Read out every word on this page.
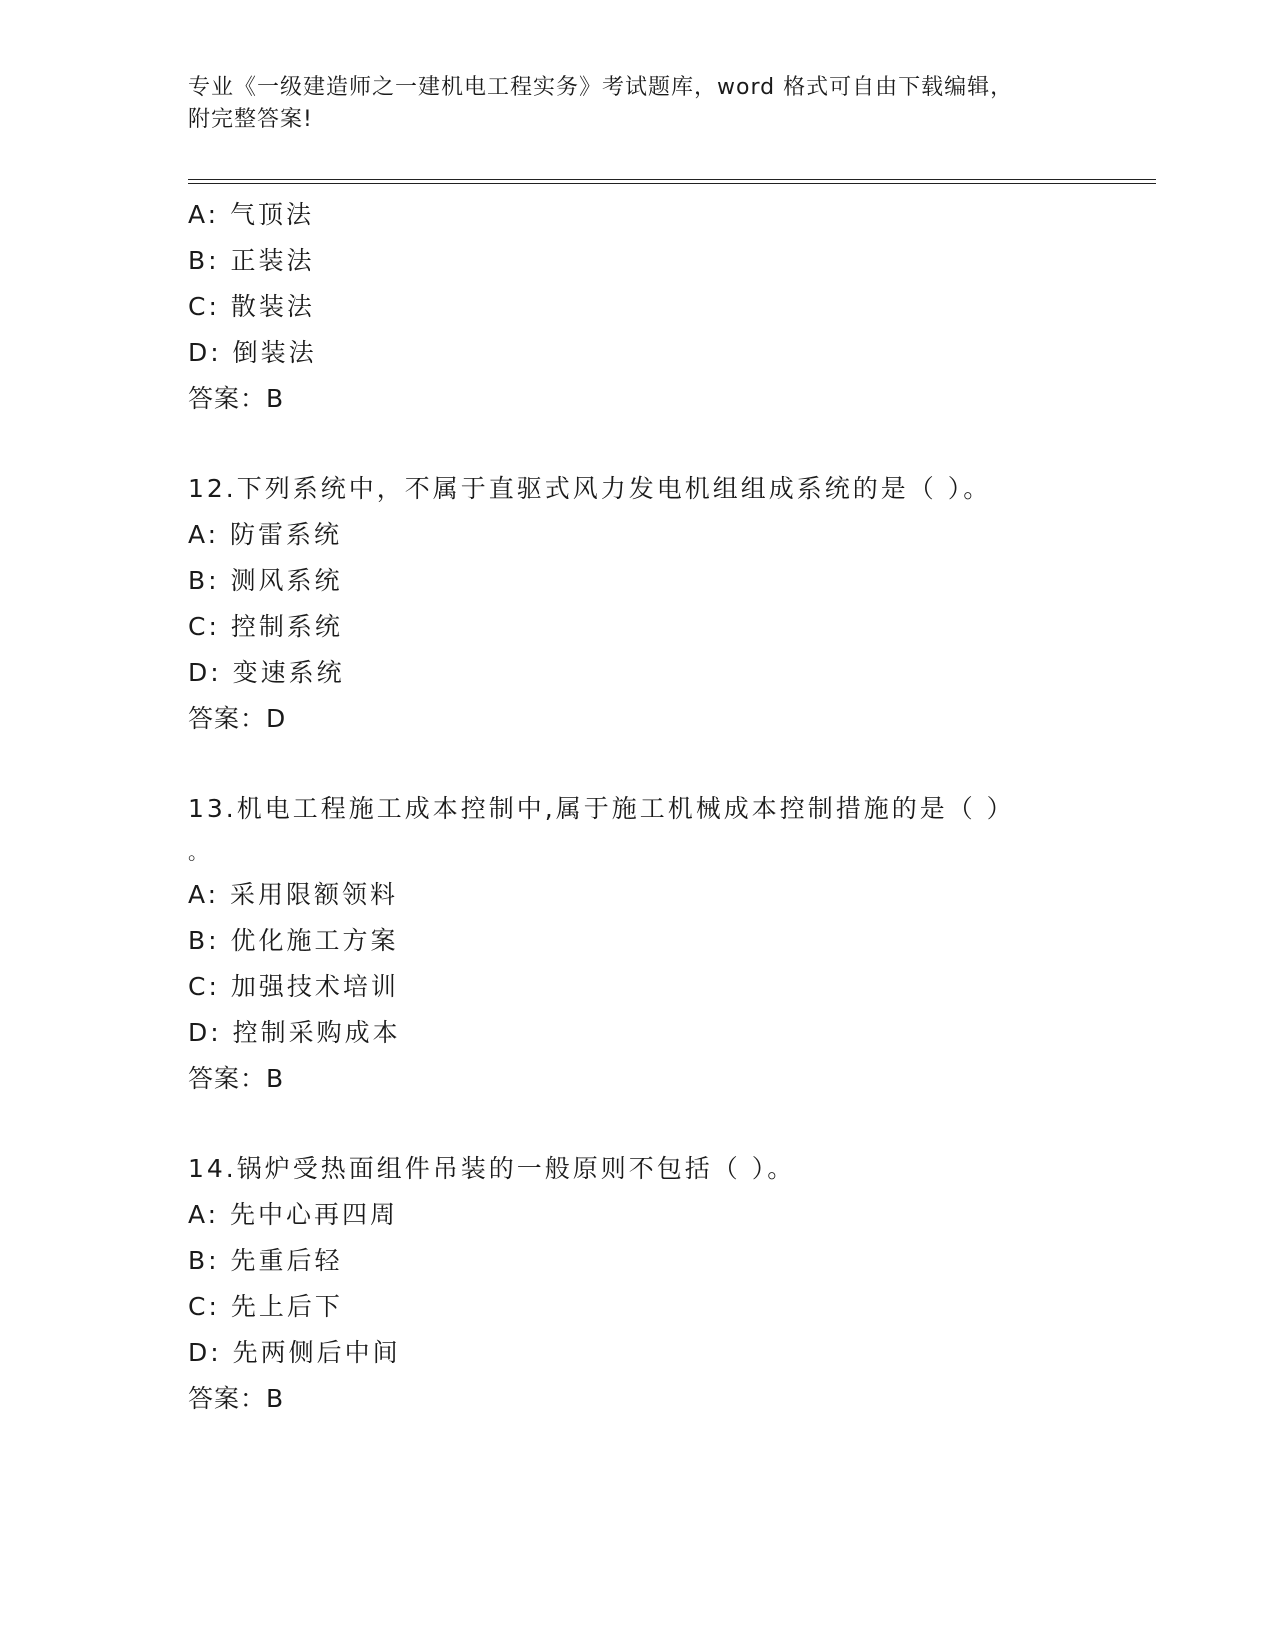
专业《一级建造师之一建机电工程实务》考试题库，word 格式可自由下载编辑，
附完整答案!
A: 气顶法
B: 正装法
C: 散装法
D: 倒装法
答案：B
12.下列系统中，不属于直驱式风力发电机组组成系统的是（ ）。
A: 防雷系统
B: 测风系统
C: 控制系统
D: 变速系统
答案：D
13.机电工程施工成本控制中,属于施工机械成本控制措施的是（ ）
。
A: 采用限额领料
B: 优化施工方案
C: 加强技术培训
D: 控制采购成本
答案：B
14.锅炉受热面组件吊装的一般原则不包括（ ）。
A: 先中心再四周
B: 先重后轻
C: 先上后下
D: 先两侧后中间
答案：B
